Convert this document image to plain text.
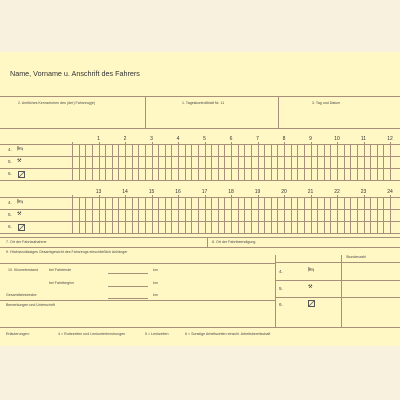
Name, Vorname u. Anschrift des Fahrers
2. Amtliches Kennzeichen des (der) Fahrzeug(e)	1. Tageskontrollblatt Nr. 11	3. Tag und Datum
7. Ort der Fahrtaufnahme	8. Ort der Fahrtbeendigung
9. Höchstzulässiges Gesamtgewicht des Fahrzeugs einschließlich Anhänger
Stundenzahl
10. Kilometerstand	bei Fahrtende	km
bei Fahrtbeginn	km
Gesamtfahrstrecke:	km
Bemerkungen und Unterschrift
4.	🛏
5.	⚒
6.
Erläuterungen:	4 = Ruhezeiten und Lenkunterbrechungen	5 = Lenkzeiten	6 = Sonstige Arbeitszeiten einschl. Arbeitsbereitschaft
1	2	3	4	5	6	7	8	9	10	11	12
4. 🛏
5. ⚒
6.
13	14	15	16	17	18	19	20	21	22	23	24
4. 🛏
5. ⚒
6.
